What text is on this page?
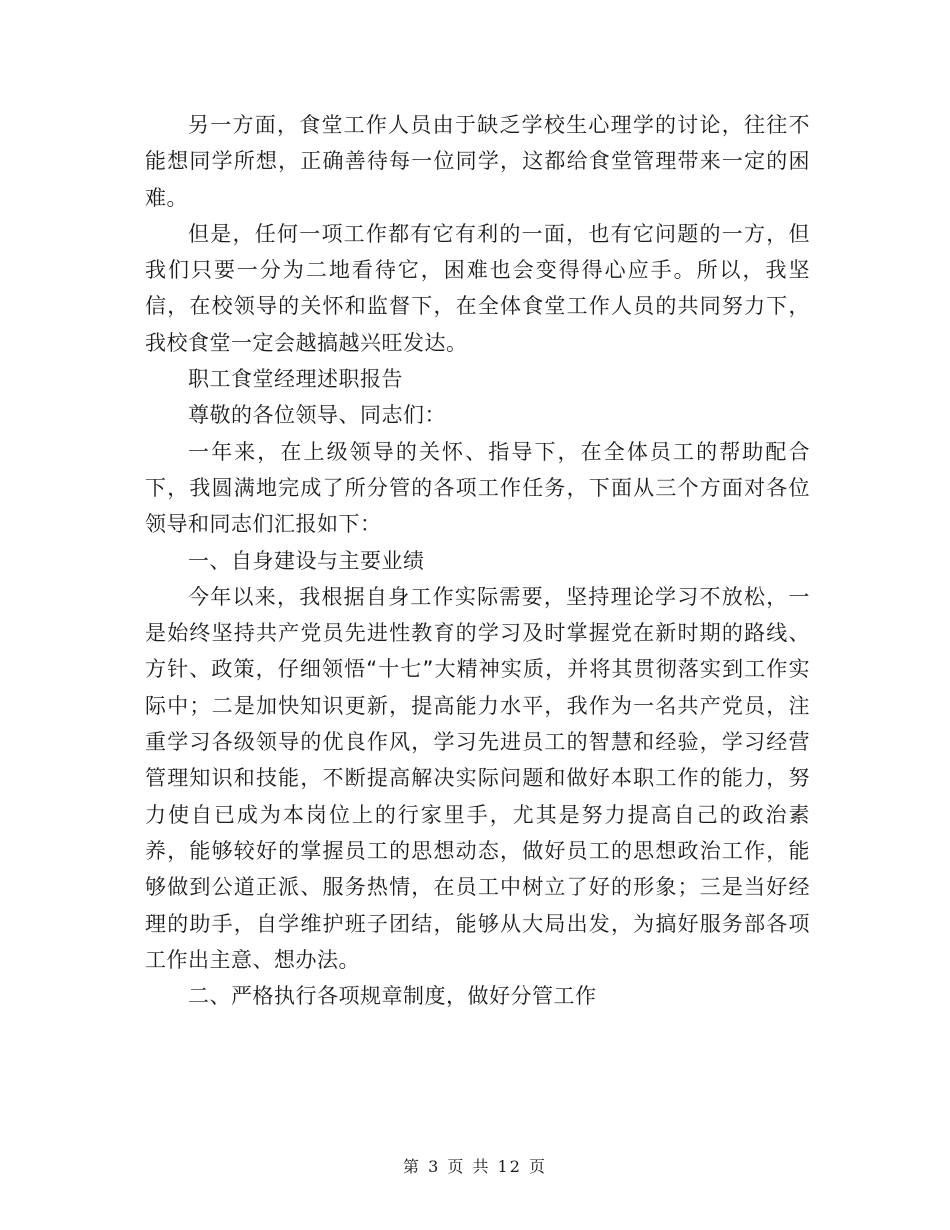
另一方面，食堂工作人员由于缺乏学校生心理学的讨论，往往不能想同学所想，正确善待每一位同学，这都给食堂管理带来一定的困难。

但是，任何一项工作都有它有利的一面，也有它问题的一方，但我们只要一分为二地看待它，困难也会变得得心应手。所以，我坚信，在校领导的关怀和监督下，在全体食堂工作人员的共同努力下，我校食堂一定会越搞越兴旺发达。

职工食堂经理述职报告

尊敬的各位领导、同志们：

一年来，在上级领导的关怀、指导下，在全体员工的帮助配合下，我圆满地完成了所分管的各项工作任务，下面从三个方面对各位领导和同志们汇报如下：

一、自身建设与主要业绩

今年以来，我根据自身工作实际需要，坚持理论学习不放松，一是始终坚持共产党员先进性教育的学习及时掌握党在新时期的路线、方针、政策，仔细领悟“十七”大精神实质，并将其贯彻落实到工作实际中；二是加快知识更新，提高能力水平，我作为一名共产党员，注重学习各级领导的优良作风，学习先进员工的智慧和经验，学习经营管理知识和技能，不断提高解决实际问题和做好本职工作的能力，努力使自已成为本岗位上的行家里手，尤其是努力提高自己的政治素养，能够较好的掌握员工的思想动态，做好员工的思想政治工作，能够做到公道正派、服务热情，在员工中树立了好的形象；三是当好经理的助手，自学维护班子团结，能够从大局出发，为搞好服务部各项工作出主意、想办法。

二、严格执行各项规章制度，做好分管工作

第 3 页 共 12 页
